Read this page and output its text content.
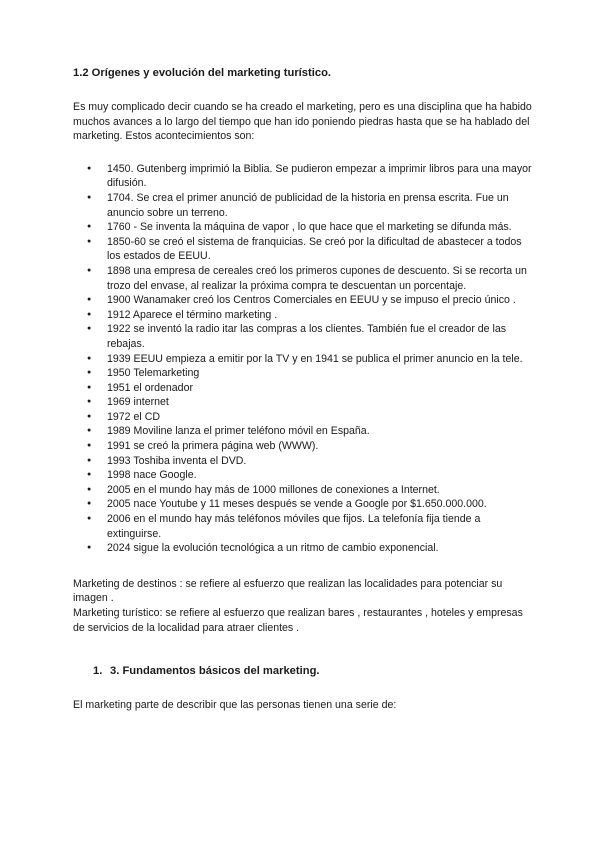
1.2 Orígenes y evolución del marketing turístico.

Es muy complicado decir cuando se ha creado el marketing, pero es una disciplina que ha habido muchos avances a lo largo del tiempo que han ido poniendo piedras hasta que se ha hablado del marketing. Estos acontecimientos son:

● 1450. Gutenberg imprimió la Biblia. Se pudieron empezar a imprimir libros para una mayor difusión.
● 1704. Se crea el primer anunció de publicidad de la historia en prensa escrita. Fue un anuncio sobre un terreno.
● 1760 - Se inventa la máquina de vapor , lo que hace que el marketing se difunda más.
● 1850-60 se creó el sistema de franquicias. Se creó por la dificultad de abastecer a todos los estados de EEUU.
● 1898 una empresa de cereales creó los primeros cupones de descuento. Si se recorta un trozo del envase, al realizar la próxima compra te descuentan un porcentaje.
● 1900 Wanamaker creó los Centros Comerciales en EEUU y se impuso el precio único .
● 1912 Aparece el término marketing .
● 1922 se inventó la radio itar las compras a los clientes. También fue el creador de las rebajas.
● 1939 EEUU empieza a emitir por la TV y en 1941 se publica el primer anuncio en la tele.
● 1950 Telemarketing
● 1951 el ordenador
● 1969 internet
● 1972 el CD
● 1989 Moviline lanza el primer teléfono móvil en España.
● 1991 se creó la primera página web (WWW).
● 1993 Toshiba inventa el DVD.
● 1998 nace Google.
● 2005 en el mundo hay más de 1000 millones de conexiones a Internet.
● 2005 nace Youtube y 11 meses después se vende a Google por $1.650.000.000.
● 2006 en el mundo hay más teléfonos móviles que fijos. La telefonía fija tiende a extinguirse.
● 2024 sigue la evolución tecnológica a un ritmo de cambio exponencial.

Marketing de destinos : se refiere al esfuerzo que realizan las localidades para potenciar su imagen .

Marketing turístico: se refiere al esfuerzo que realizan bares , restaurantes , hoteles y empresas de servicios de la localidad para atraer clientes .

1. 3. Fundamentos básicos del marketing.

El marketing parte de describir que las personas tienen una serie de:
